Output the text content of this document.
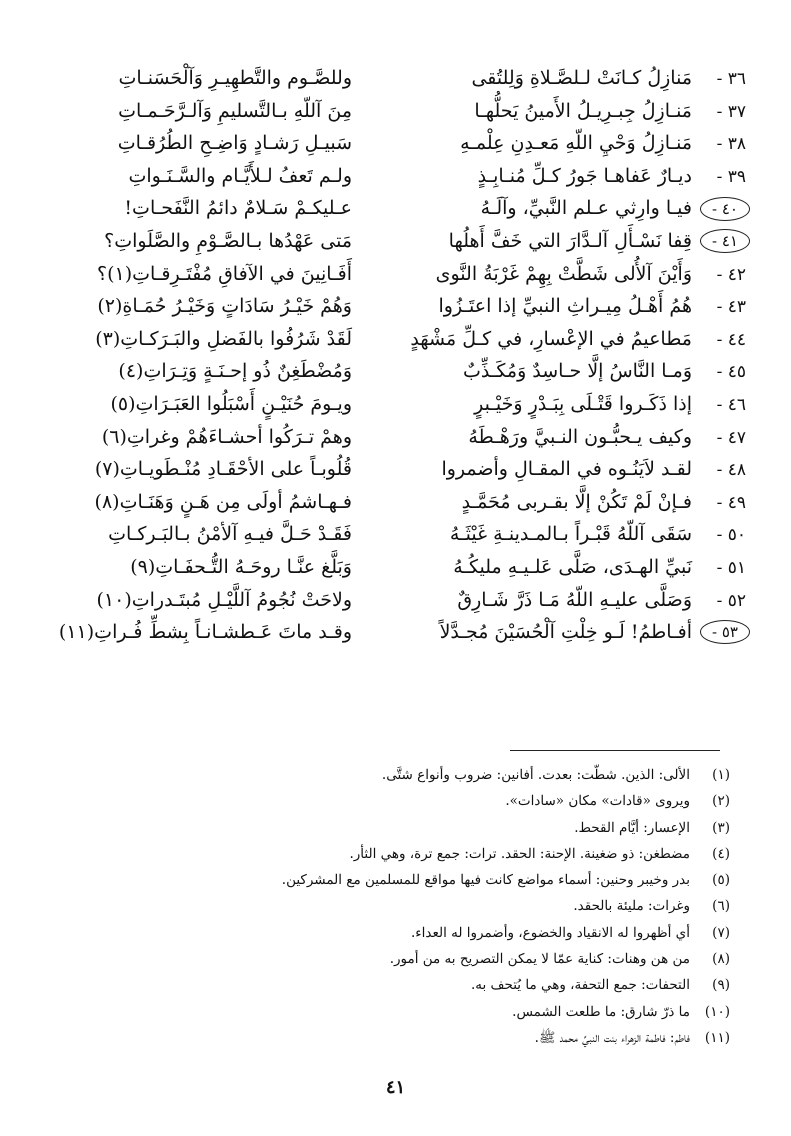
٣٦ -
مَنازِلُ كـانَتْ لـلصَّـلاةِ وَلِلتُقى
وللصَّـوم والتَّطهِيـرِ وَآلْحَسَنـاتِ
٣٧ -
مَنـازِلُ جِبـرِيـلُ الأَمينُ يَحلُّهـا
مِنَ آللّهِ بـالتَّسليمِ وَآلـرَّحَـمـاتِ
٣٨ -
مَنـازِلُ وَحْيِ اللّهِ مَعـدِنِ عِلْمـهِ
سَبيـلِ رَشـادٍ وَاضِـحِ الطُرُقـاتِ
٣٩ -
ديـارٌ عَفاهـا جَورُ كـلِّ مُنـابِـذٍ
ولـم تَعفُ لـلأَيَّـام والسَّـنَـواتِ
٤٠ -
فيـا وارِثي عـلم النَّبيِّ، وآلَـهُ
عـليكـمْ سَـلامٌ دائمُ النَّفَحـاتِ!
٤١ -
قِفا نَسْـأَلِ آلـدَّارَ التي خَفَّ أَهلُها
مَتى عَهْدُها بـالصَّـوْمِ والصَّلَواتِ؟
٤٢ -
وَأَيْنَ آلأُلى شَطَّتْ بِهِمْ غَرْبَةُ النَّوى
أَفَـانِينَ في الآفاقِ مُفْتَـرِقـاتِ(١)؟
٤٣ -
هُمُ أَهْـلُ مِيـراثِ النبيِّ إذا اعتَـزُوا
وَهُمْ خَيْـرُ سَادَاتٍ وَخَيْـرُ حُمَـاةِ(٢)
٤٤ -
مَطاعيمُ في الإعْسارِ، في كـلِّ مَشْهَدٍ
لَقَدْ شَرُفُوا بالفَضلِ والبَـرَكـاتِ(٣)
٤٥ -
وَمـا النَّاسُ إلَّا حـاسِدٌ وَمُكَـذِّبٌ
وَمُضْطَغِنٌ ذُو إحـنَـةٍ وَتِـرَاتِ(٤)
٤٦ -
إذا ذَكَـروا قَتْـلَى بِبَـدْرٍ وَخَيْـبرٍ
ويـومَ حُنَيْـنٍ أَسْبَلُوا العَبَـرَاتِ(٥)
٤٧ -
وكيف يـحبُّـون النـبيَّ ورَهْـطَهُ
وهمْ تـرَكُوا أحشـاءَهُمْ وغراتِ(٦)
٤٨ -
لقـد لاَيَنُـوه في المقـالِ وأضمروا
قُلُوبـاً على الأحْقَـادِ مُنْـطَويـاتِ(٧)
٤٩ -
فـإنْ لَمْ تَكُنْ إلَّا بقـربى مُحَمَّـدٍ
فـهـاشمُ أولَى مِن هَـنٍ وَهَنَـاتِ(٨)
٥٠ -
سَقَى آللّهُ قَبْـراً بـالمـدينـةِ غَيْثَـهُ
فَقَـدْ حَـلَّ فيـهِ آلأمْنُ بـالبَـركـاتِ
٥١ -
نَبيِّ الهـدَى، صَلَّى عَلـيـهِ مليكُـهُ
وَبَلَّغ عنَّـا روحَـهُ التُّـحفَـاتِ(٩)
٥٢ -
وَصَلَّى عليـهِ اللّهُ مَـا ذَرَّ شَـارِقٌ
ولاحَتْ نُجُومُ آللَّيْـلِ مُبتَـدراتِ(١٠)
٥٣ -
أفـاطمُ! لَـو خِلْتِ آلْحُسَيْنَ مُجـدَّلاً
وقـد ماتَ عَـطشـانـاً بِشطِّ فُـراتِ(١١)
(١)
الألى: الذين. شطّت: بعدت. أفانين: ضروب وأنواع شتَّى.
(٢)
ويروى «قادات» مكان «سادات».
(٣)
الإعسار: أيَّام القحط.
(٤)
مضطغن: ذو ضغينة. الإحنة: الحقد. ترات: جمع ترة، وهي الثأر.
(٥)
بدر وخيبر وحنين: أسماء مواضع كانت فيها مواقع للمسلمين مع المشركين.
(٦)
وغرات: مليئة بالحقد.
(٧)
أي أظهروا له الانقياد والخضوع، وأضمروا له العداء.
(٨)
من هن وهنات: كناية عمّا لا يمكن التصريح به من أمور.
(٩)
التحفات: جمع التحفة، وهي ما يُتحف به.
(١٠)
ما ذرّ شارق: ما طلعت الشمس.
(١١)
فاطم: فاطمة الزهراء بنت النبيِّ محمد ﷺ.
٤١
